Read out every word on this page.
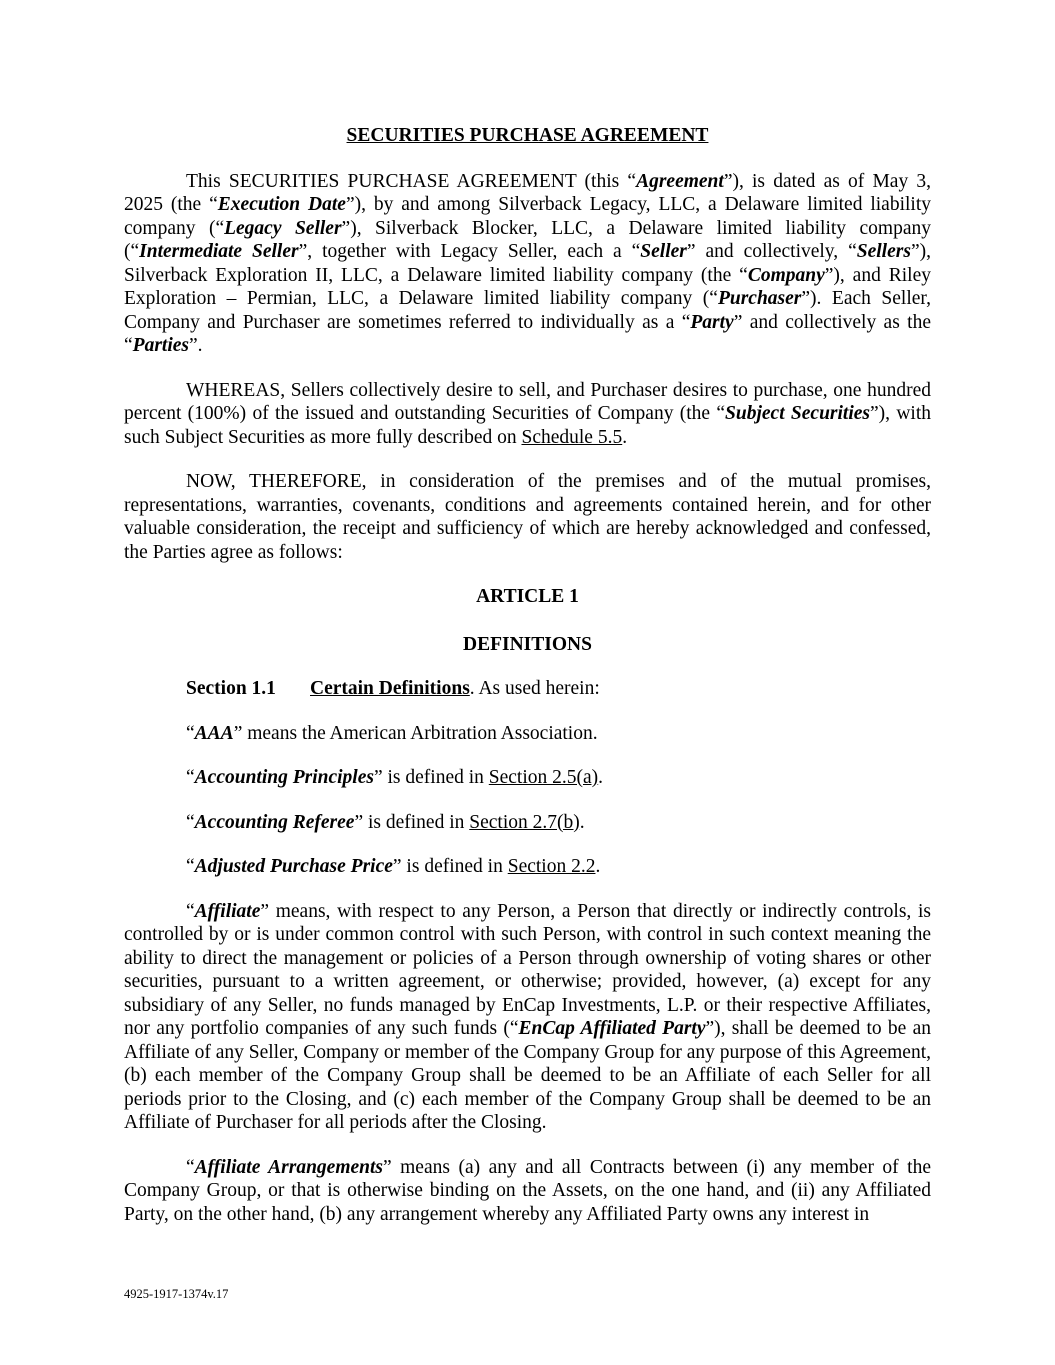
SECURITIES PURCHASE AGREEMENT

This SECURITIES PURCHASE AGREEMENT (this “Agreement”), is dated as of May 3, 2025 (the “Execution Date”), by and among Silverback Legacy, LLC, a Delaware limited liability company (“Legacy Seller”), Silverback Blocker, LLC, a Delaware limited liability company (“Intermediate Seller”, together with Legacy Seller, each a “Seller” and collectively, “Sellers”), Silverback Exploration II, LLC, a Delaware limited liability company (the “Company”), and Riley Exploration – Permian, LLC, a Delaware limited liability company (“Purchaser”). Each Seller, Company and Purchaser are sometimes referred to individually as a “Party” and collectively as the “Parties”.

WHEREAS, Sellers collectively desire to sell, and Purchaser desires to purchase, one hundred percent (100%) of the issued and outstanding Securities of Company (the “Subject Securities”), with such Subject Securities as more fully described on Schedule 5.5.

NOW, THEREFORE, in consideration of the premises and of the mutual promises, representations, warranties, covenants, conditions and agreements contained herein, and for other valuable consideration, the receipt and sufficiency of which are hereby acknowledged and confessed, the Parties agree as follows:

ARTICLE 1

DEFINITIONS

Section 1.1 Certain Definitions. As used herein:

“AAA” means the American Arbitration Association.

“Accounting Principles” is defined in Section 2.5(a).

“Accounting Referee” is defined in Section 2.7(b).

“Adjusted Purchase Price” is defined in Section 2.2.

“Affiliate” means, with respect to any Person, a Person that directly or indirectly controls, is controlled by or is under common control with such Person, with control in such context meaning the ability to direct the management or policies of a Person through ownership of voting shares or other securities, pursuant to a written agreement, or otherwise; provided, however, (a) except for any subsidiary of any Seller, no funds managed by EnCap Investments, L.P. or their respective Affiliates, nor any portfolio companies of any such funds (“EnCap Affiliated Party”), shall be deemed to be an Affiliate of any Seller, Company or member of the Company Group for any purpose of this Agreement, (b) each member of the Company Group shall be deemed to be an Affiliate of each Seller for all periods prior to the Closing, and (c) each member of the Company Group shall be deemed to be an Affiliate of Purchaser for all periods after the Closing.

“Affiliate Arrangements” means (a) any and all Contracts between (i) any member of the Company Group, or that is otherwise binding on the Assets, on the one hand, and (ii) any Affiliated Party, on the other hand, (b) any arrangement whereby any Affiliated Party owns any interest in

4925-1917-1374v.17
